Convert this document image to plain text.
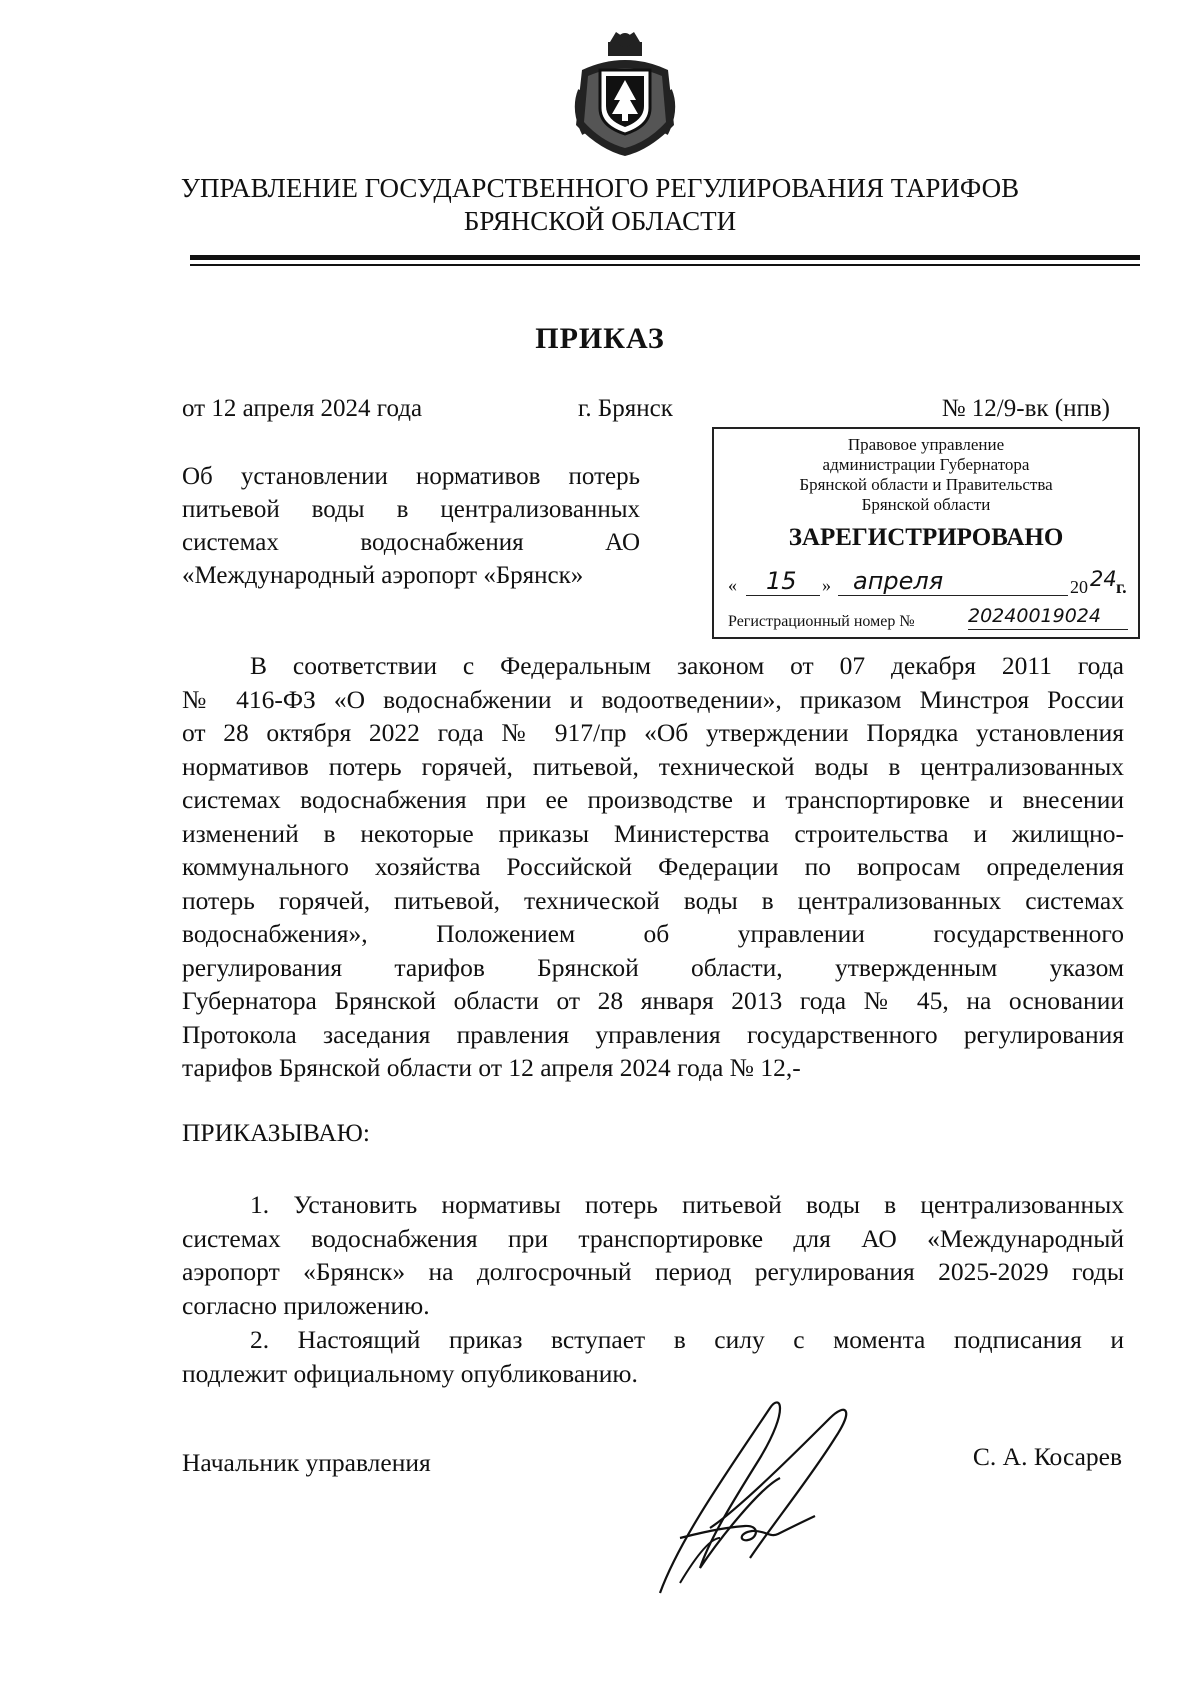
УПРАВЛЕНИЕ ГОСУДАРСТВЕННОГО РЕГУЛИРОВАНИЯ ТАРИФОВ
БРЯНСКОЙ ОБЛАСТИ
ПРИКАЗ
от 12 апреля 2024 года	г. Брянск	№ 12/9-вк (нпв)
Об установлении нормативов потерь
питьевой воды в централизованных
системах водоснабжения АО
«Международный аэропорт «Брянск»
Правовое управление
администрации Губернатора
Брянской области и Правительства
Брянской области
ЗАРЕГИСТРИРОВАНО
« 15 » апреля	20 24 г.
Регистрационный номер №	20240019024
В соответствии с Федеральным законом от 07 декабря 2011 года
№ 416-ФЗ «О водоснабжении и водоотведении», приказом Минстроя России
от 28 октября 2022 года № 917/пр «Об утверждении Порядка установления
нормативов потерь горячей, питьевой, технической воды в централизованных
системах водоснабжения при ее производстве и транспортировке и внесении
изменений в некоторые приказы Министерства строительства и жилищно-
коммунального хозяйства Российской Федерации по вопросам определения
потерь горячей, питьевой, технической воды в централизованных системах
водоснабжения», Положением об управлении государственного
регулирования тарифов Брянской области, утвержденным указом
Губернатора Брянской области от 28 января 2013 года № 45, на основании
Протокола заседания правления управления государственного регулирования
тарифов Брянской области от 12 апреля 2024 года № 12,-
ПРИКАЗЫВАЮ:
1. Установить нормативы потерь питьевой воды в централизованных
системах водоснабжения при транспортировке для АО «Международный
аэропорт «Брянск» на долгосрочный период регулирования 2025-2029 годы
согласно приложению.
2. Настоящий приказ вступает в силу с момента подписания и
подлежит официальному опубликованию.
Начальник управления	С. А. Косарев
